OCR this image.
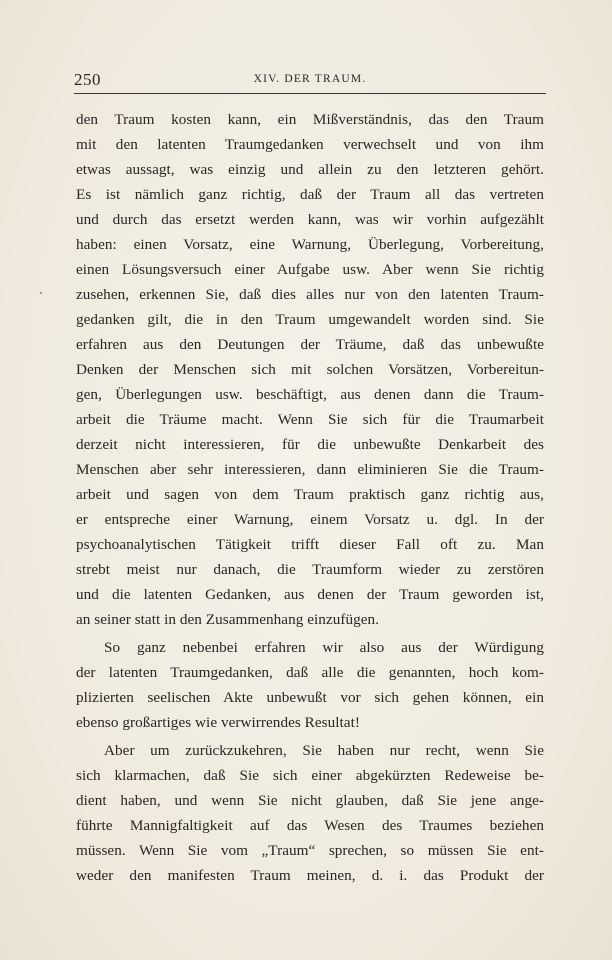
250	XIV. DER TRAUM.
den Traum kosten kann, ein Mißverständnis, das den Traum
mit den latenten Traumgedanken verwechselt und von ihm
etwas aussagt, was einzig und allein zu den letzteren gehört.
Es ist nämlich ganz richtig, daß der Traum all das vertreten
und durch das ersetzt werden kann, was wir vorhin aufgezählt
haben: einen Vorsatz, eine Warnung, Überlegung, Vorbereitung,
einen Lösungsversuch einer Aufgabe usw. Aber wenn Sie richtig
zusehen, erkennen Sie, daß dies alles nur von den latenten Traum-
gedanken gilt, die in den Traum umgewandelt worden sind. Sie
erfahren aus den Deutungen der Träume, daß das unbewußte
Denken der Menschen sich mit solchen Vorsätzen, Vorbereitun-
gen, Überlegungen usw. beschäftigt, aus denen dann die Traum-
arbeit die Träume macht. Wenn Sie sich für die Traumarbeit
derzeit nicht interessieren, für die unbewußte Denkarbeit des
Menschen aber sehr interessieren, dann eliminieren Sie die Traum-
arbeit und sagen von dem Traum praktisch ganz richtig aus,
er entspreche einer Warnung, einem Vorsatz u. dgl. In der
psychoanalytischen Tätigkeit trifft dieser Fall oft zu. Man
strebt meist nur danach, die Traumform wieder zu zerstören
und die latenten Gedanken, aus denen der Traum geworden ist,
an seiner statt in den Zusammenhang einzufügen.
So ganz nebenbei erfahren wir also aus der Würdigung
der latenten Traumgedanken, daß alle die genannten, hoch kom-
plizierten seelischen Akte unbewußt vor sich gehen können, ein
ebenso großartiges wie verwirrendes Resultat!
Aber um zurückzukehren, Sie haben nur recht, wenn Sie
sich klarmachen, daß Sie sich einer abgekürzten Redeweise be-
dient haben, und wenn Sie nicht glauben, daß Sie jene ange-
führte Mannigfaltigkeit auf das Wesen des Traumes beziehen
müssen. Wenn Sie vom „Traum“ sprechen, so müssen Sie ent-
weder den manifesten Traum meinen, d. i. das Produkt der
